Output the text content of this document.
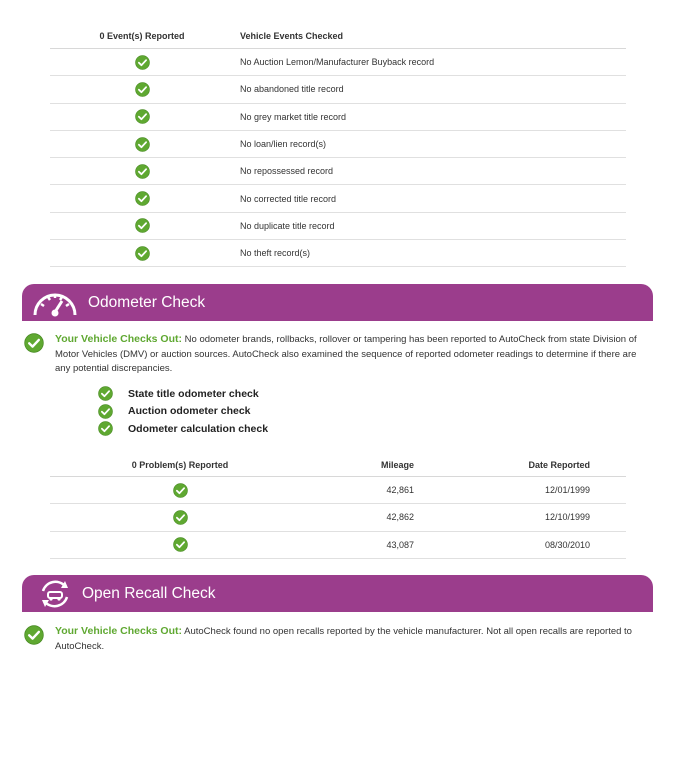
0 Event(s) Reported	Vehicle Events Checked
No Auction Lemon/Manufacturer Buyback record
No abandoned title record
No grey market title record
No loan/lien record(s)
No repossessed record
No corrected title record
No duplicate title record
No theft record(s)
Odometer Check

Your Vehicle Checks Out: No odometer brands, rollbacks, rollover or tampering has been reported to AutoCheck from state Division of Motor Vehicles (DMV) or auction sources. AutoCheck also examined the sequence of reported odometer readings to determine if there are any potential discrepancies.

State title odometer check
Auction odometer check
Odometer calculation check
0 Problem(s) Reported	Mileage	Date Reported
42,861	12/01/1999
42,862	12/10/1999
43,087	08/30/2010
Open Recall Check

Your Vehicle Checks Out: AutoCheck found no open recalls reported by the vehicle manufacturer. Not all open recalls are reported to AutoCheck.
